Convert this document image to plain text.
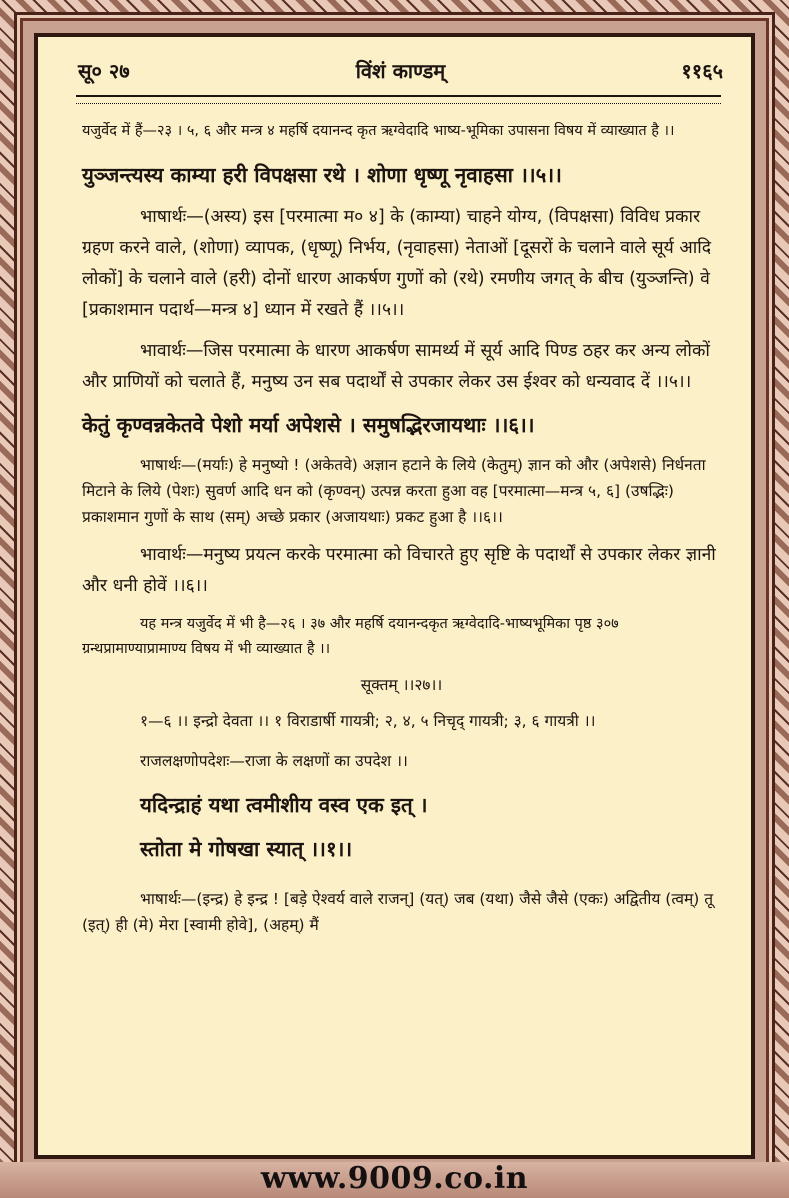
सू० २७	विंशं काण्डम्	११६५

यजुर्वेद में हैं—२३ । ५, ६ और मन्त्र ४ महर्षि दयानन्द कृत ऋग्वेदादि भाष्य-भूमिका उपासना विषय में व्याख्यात है ।।

युञ्जन्त्यस्य काम्या हरी विपक्षसा रथे । शोणा धृष्णू नृवाहसा ।।५।।

भाषार्थः—(अस्य) इस [परमात्मा म० ४] के (काम्या) चाहने योग्य, (विपक्षसा) विविध प्रकार ग्रहण करने वाले, (शोणा) व्यापक, (धृष्णू) निर्भय, (नृवाहसा) नेताओं [दूसरों के चलाने वाले सूर्य आदि लोकों] के चलाने वाले (हरी) दोनों धारण आकर्षण गुणों को (रथे) रमणीय जगत् के बीच (युञ्जन्ति) वे [प्रकाशमान पदार्थ—मन्त्र ४] ध्यान में रखते हैं ।।५।।

भावार्थः—जिस परमात्मा के धारण आकर्षण सामर्थ्य में सूर्य आदि पिण्ड ठहर कर अन्य लोकों और प्राणियों को चलाते हैं, मनुष्य उन सब पदार्थों से उपकार लेकर उस ईश्वर को धन्यवाद दें ।।५।।

केतुं कृण्वन्नकेतवे पेशो मर्या अपेशसे । समुषद्भिरजायथाः ।।६।।

भाषार्थः—(मर्याः) हे मनुष्यो ! (अकेतवे) अज्ञान हटाने के लिये (केतुम्) ज्ञान को और (अपेशसे) निर्धनता मिटाने के लिये (पेशः) सुवर्ण आदि धन को (कृण्वन्) उत्पन्न करता हुआ वह [परमात्मा—मन्त्र ५, ६] (उषद्भिः) प्रकाशमान गुणों के साथ (सम्) अच्छे प्रकार (अजायथाः) प्रकट हुआ है ।।६।।

भावार्थः—मनुष्य प्रयत्न करके परमात्मा को विचारते हुए सृष्टि के पदार्थों से उपकार लेकर ज्ञानी और धनी होवें ।।६।।

यह मन्त्र यजुर्वेद में भी है—२६ । ३७ और महर्षि दयानन्दकृत ऋग्वेदादि-भाष्यभूमिका पृष्ठ ३०७ ग्रन्थप्रामाण्याप्रामाण्य विषय में भी व्याख्यात है ।।

सूक्तम् ।।२७।।

१—६ ।। इन्द्रो देवता ।। १ विराडार्षी गायत्री; २, ४, ५ निचृद् गायत्री; ३, ६ गायत्री ।।

राजलक्षणोपदेशः—राजा के लक्षणों का उपदेश ।।

यदिन्द्राहं यथा त्वमीशीय वस्व एक इत् ।

स्तोता मे गोषखा स्यात् ।।१।।

भाषार्थः—(इन्द्र) हे इन्द्र ! [बड़े ऐश्वर्य वाले राजन्] (यत्) जब (यथा) जैसे जैसे (एकः) अद्वितीय (त्वम्) तू (इत्) ही (मे) मेरा [स्वामी होवे], (अहम्) मैं

www.9009.co.in
